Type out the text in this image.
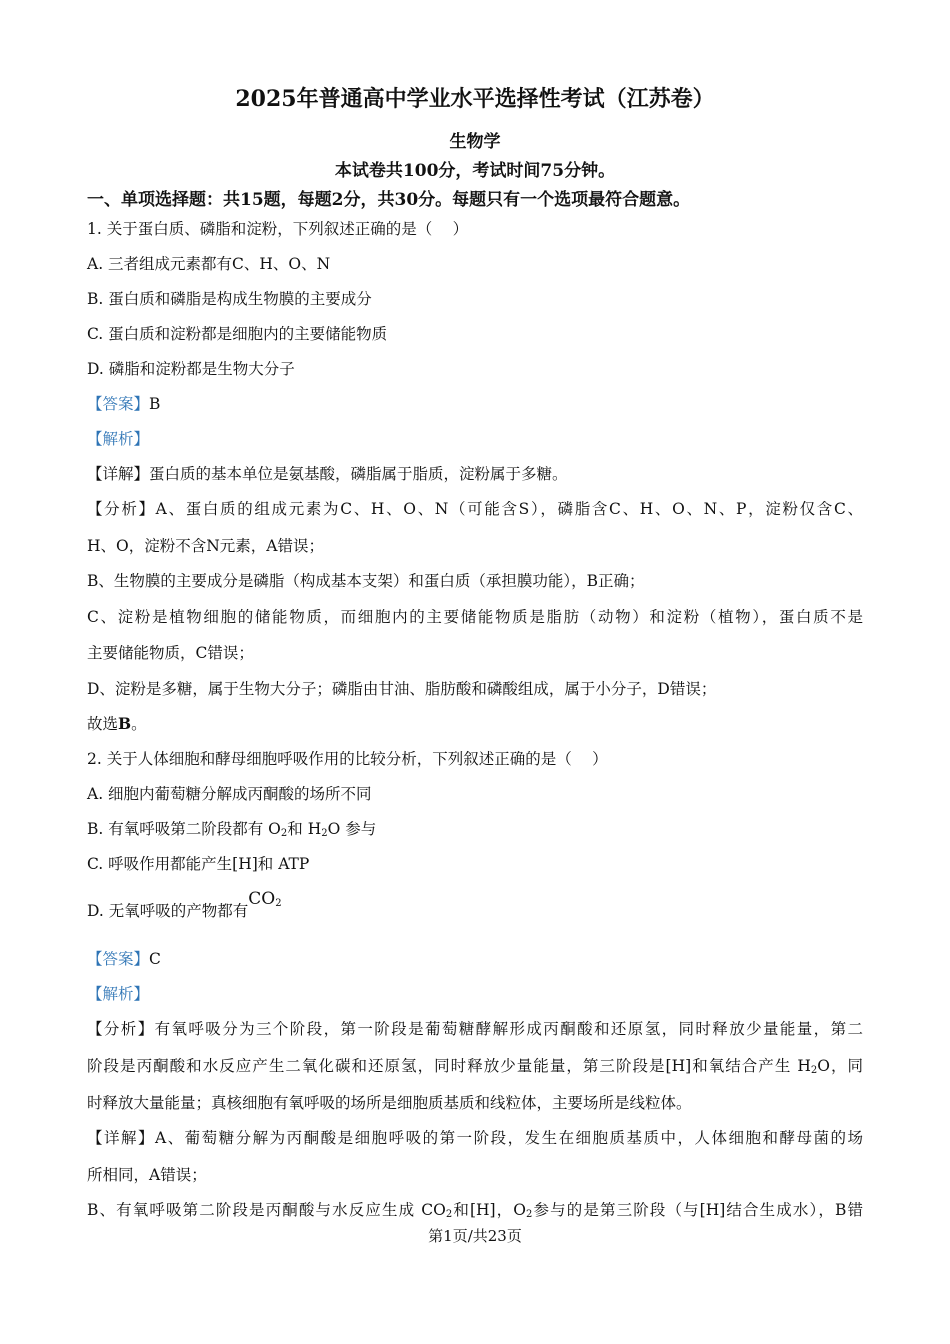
2025年普通高中学业水平选择性考试（江苏卷）
生物学
本试卷共100分，考试时间75分钟。
一、单项选择题：共15题，每题2分，共30分。每题只有一个选项最符合题意。
1. 关于蛋白质、磷脂和淀粉，下列叙述正确的是（　 ）
A. 三者组成元素都有C、H、O、N
B. 蛋白质和磷脂是构成生物膜的主要成分
C. 蛋白质和淀粉都是细胞内的主要储能物质
D. 磷脂和淀粉都是生物大分子
【答案】B
【解析】
【详解】蛋白质的基本单位是氨基酸，磷脂属于脂质，淀粉属于多糖。
【分析】A、蛋白质的组成元素为C、H、O、N（可能含S），磷脂含C、H、O、N、P，淀粉仅含C、
H、O，淀粉不含N元素，A错误；
B、生物膜的主要成分是磷脂（构成基本支架）和蛋白质（承担膜功能），B正确；
C、淀粉是植物细胞的储能物质，而细胞内的主要储能物质是脂肪（动物）和淀粉（植物），蛋白质不是
主要储能物质，C错误；
D、淀粉是多糖，属于生物大分子；磷脂由甘油、脂肪酸和磷酸组成，属于小分子，D错误；
故选B。
2. 关于人体细胞和酵母细胞呼吸作用的比较分析，下列叙述正确的是（　 ）
A. 细胞内葡萄糖分解成丙酮酸的场所不同
B. 有氧呼吸第二阶段都有 $O_2$和 $H_2O$ 参与
C. 呼吸作用都能产生[H]和 ATP
D. 无氧呼吸的产物都有$CO_2$
【答案】C
【解析】
【分析】有氧呼吸分为三个阶段，第一阶段是葡萄糖酵解形成丙酮酸和还原氢，同时释放少量能量，第二
阶段是丙酮酸和水反应产生二氧化碳和还原氢，同时释放少量能量，第三阶段是[H]和氧结合产生 $H_2O$，同
时释放大量能量；真核细胞有氧呼吸的场所是细胞质基质和线粒体，主要场所是线粒体。
【详解】A、葡萄糖分解为丙酮酸是细胞呼吸的第一阶段，发生在细胞质基质中，人体细胞和酵母菌的场
所相同，A错误；
B、有氧呼吸第二阶段是丙酮酸与水反应生成 $CO_2$和[H]，$O_2$参与的是第三阶段（与[H]结合生成水），B错
第1页/共23页
